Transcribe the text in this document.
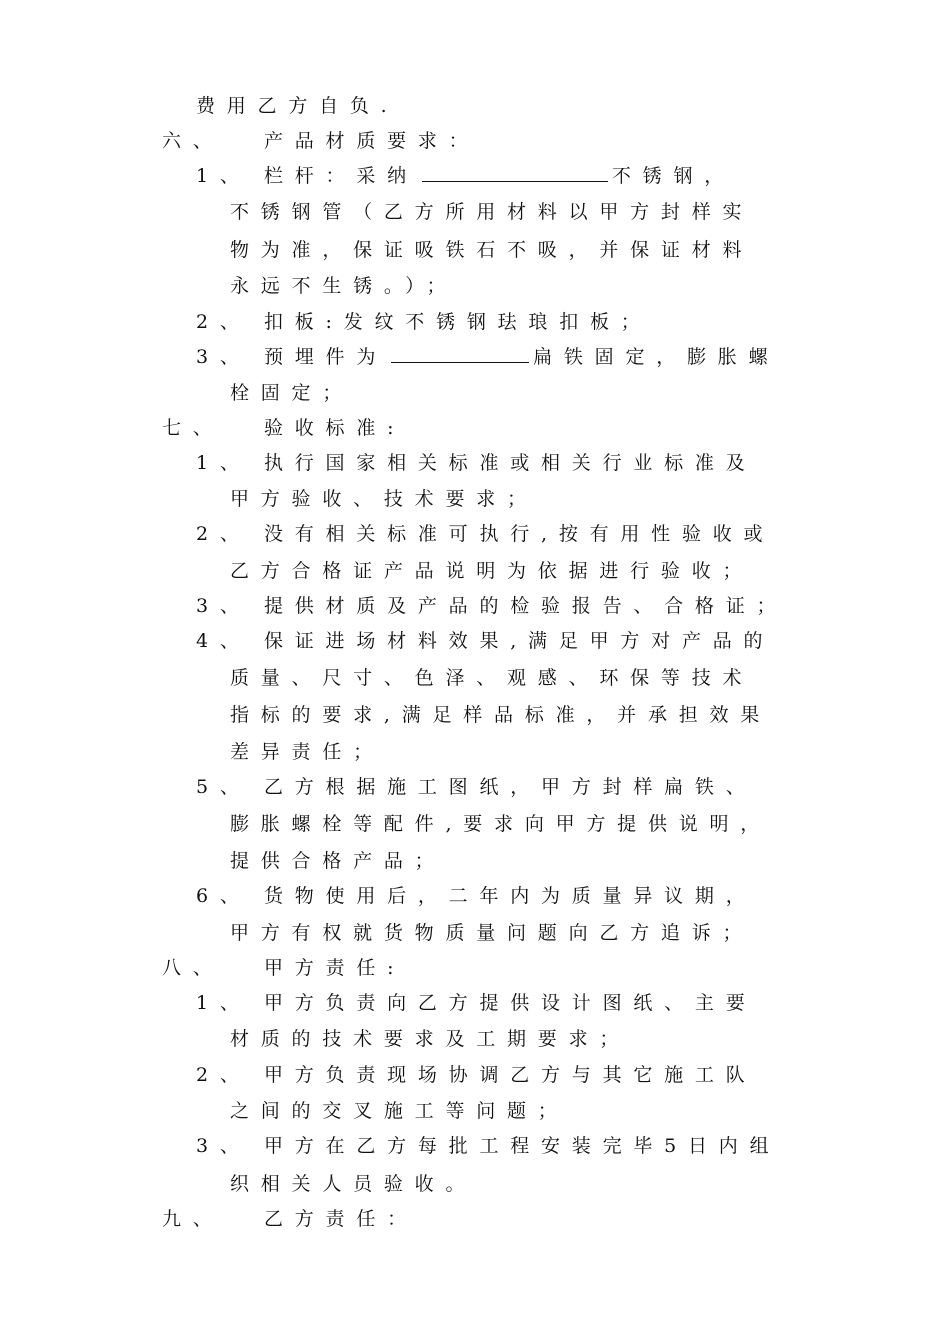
费用乙方自负.
六、 产品材质要求：
1、 栏杆：采纳	不锈钢，
不锈钢管（乙方所用材料以甲方封样实
物为准，保证吸铁石不吸，并保证材料
永远不生锈。）；
2、 扣板:发纹不锈钢珐琅扣板；
3、 预埋件为	扁铁固定，膨胀螺
栓固定；
七、 验收标准:
1、 执行国家相关标准或相关行业标准及
甲方验收、技术要求；
2、 没有相关标准可执行,按有用性验收或
乙方合格证产品说明为依据进行验收；
3、 提供材质及产品的检验报告、合格证；
4、 保证进场材料效果,满足甲方对产品的
质量、尺寸、色泽、观感、环保等技术
指标的要求,满足样品标准，并承担效果
差异责任；
5、 乙方根据施工图纸，甲方封样扁铁、
膨胀螺栓等配件,要求向甲方提供说明，
提供合格产品；
6、 货物使用后，二年内为质量异议期，
甲方有权就货物质量问题向乙方追诉；
八、 甲方责任:
1、 甲方负责向乙方提供设计图纸、主要
材质的技术要求及工期要求；
2、 甲方负责现场协调乙方与其它施工队
之间的交叉施工等问题；
3、 甲方在乙方每批工程安装完毕5日内组
织相关人员验收。
九、 乙方责任：
